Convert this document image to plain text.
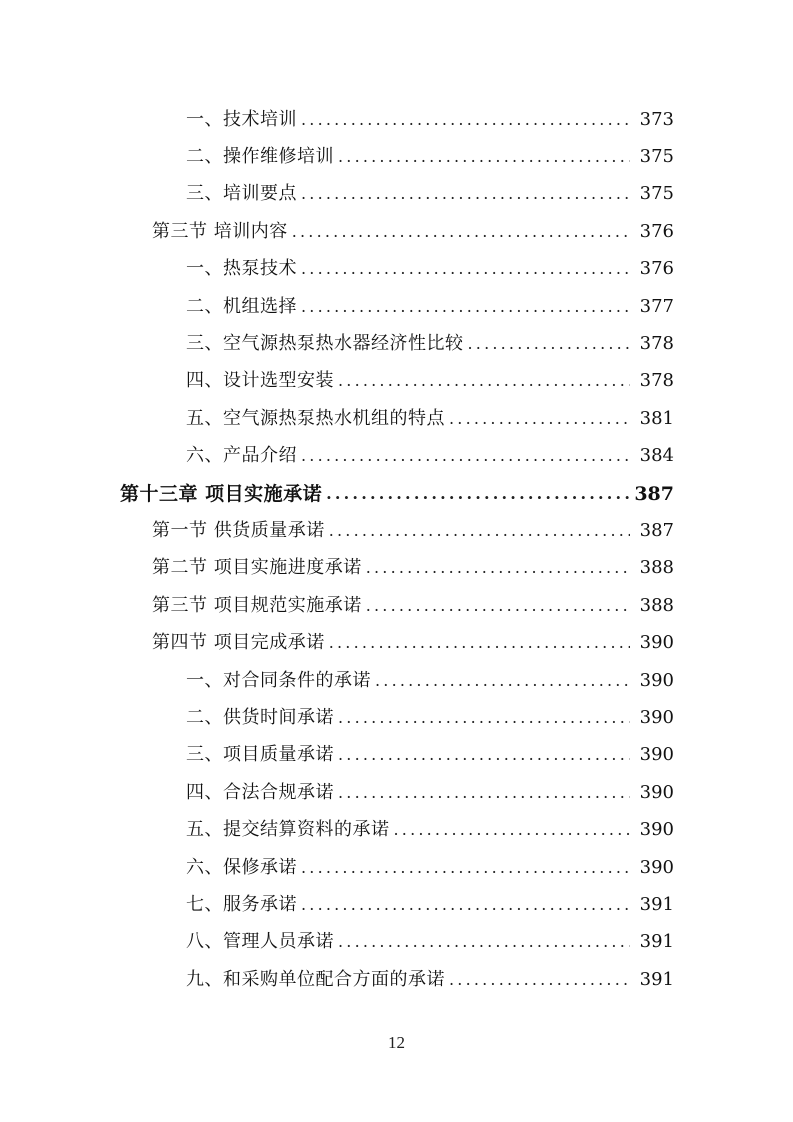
一、技术培训 .....	373
二、操作维修培训 .....	375
三、培训要点 .....	375
第三节 培训内容 .....	376
一、热泵技术 .....	376
二、机组选择 .....	377
三、空气源热泵热水器经济性比较 .....	378
四、设计选型安装 .....	378
五、空气源热泵热水机组的特点 .....	381
六、产品介绍 .....	384
第十三章 项目实施承诺 .....	387
第一节 供货质量承诺 .....	387
第二节 项目实施进度承诺 .....	388
第三节 项目规范实施承诺 .....	388
第四节 项目完成承诺 .....	390
一、对合同条件的承诺 .....	390
二、供货时间承诺 .....	390
三、项目质量承诺 .....	390
四、合法合规承诺 .....	390
五、提交结算资料的承诺 .....	390
六、保修承诺 .....	390
七、服务承诺 .....	391
八、管理人员承诺 .....	391
九、和采购单位配合方面的承诺 .....	391
12
